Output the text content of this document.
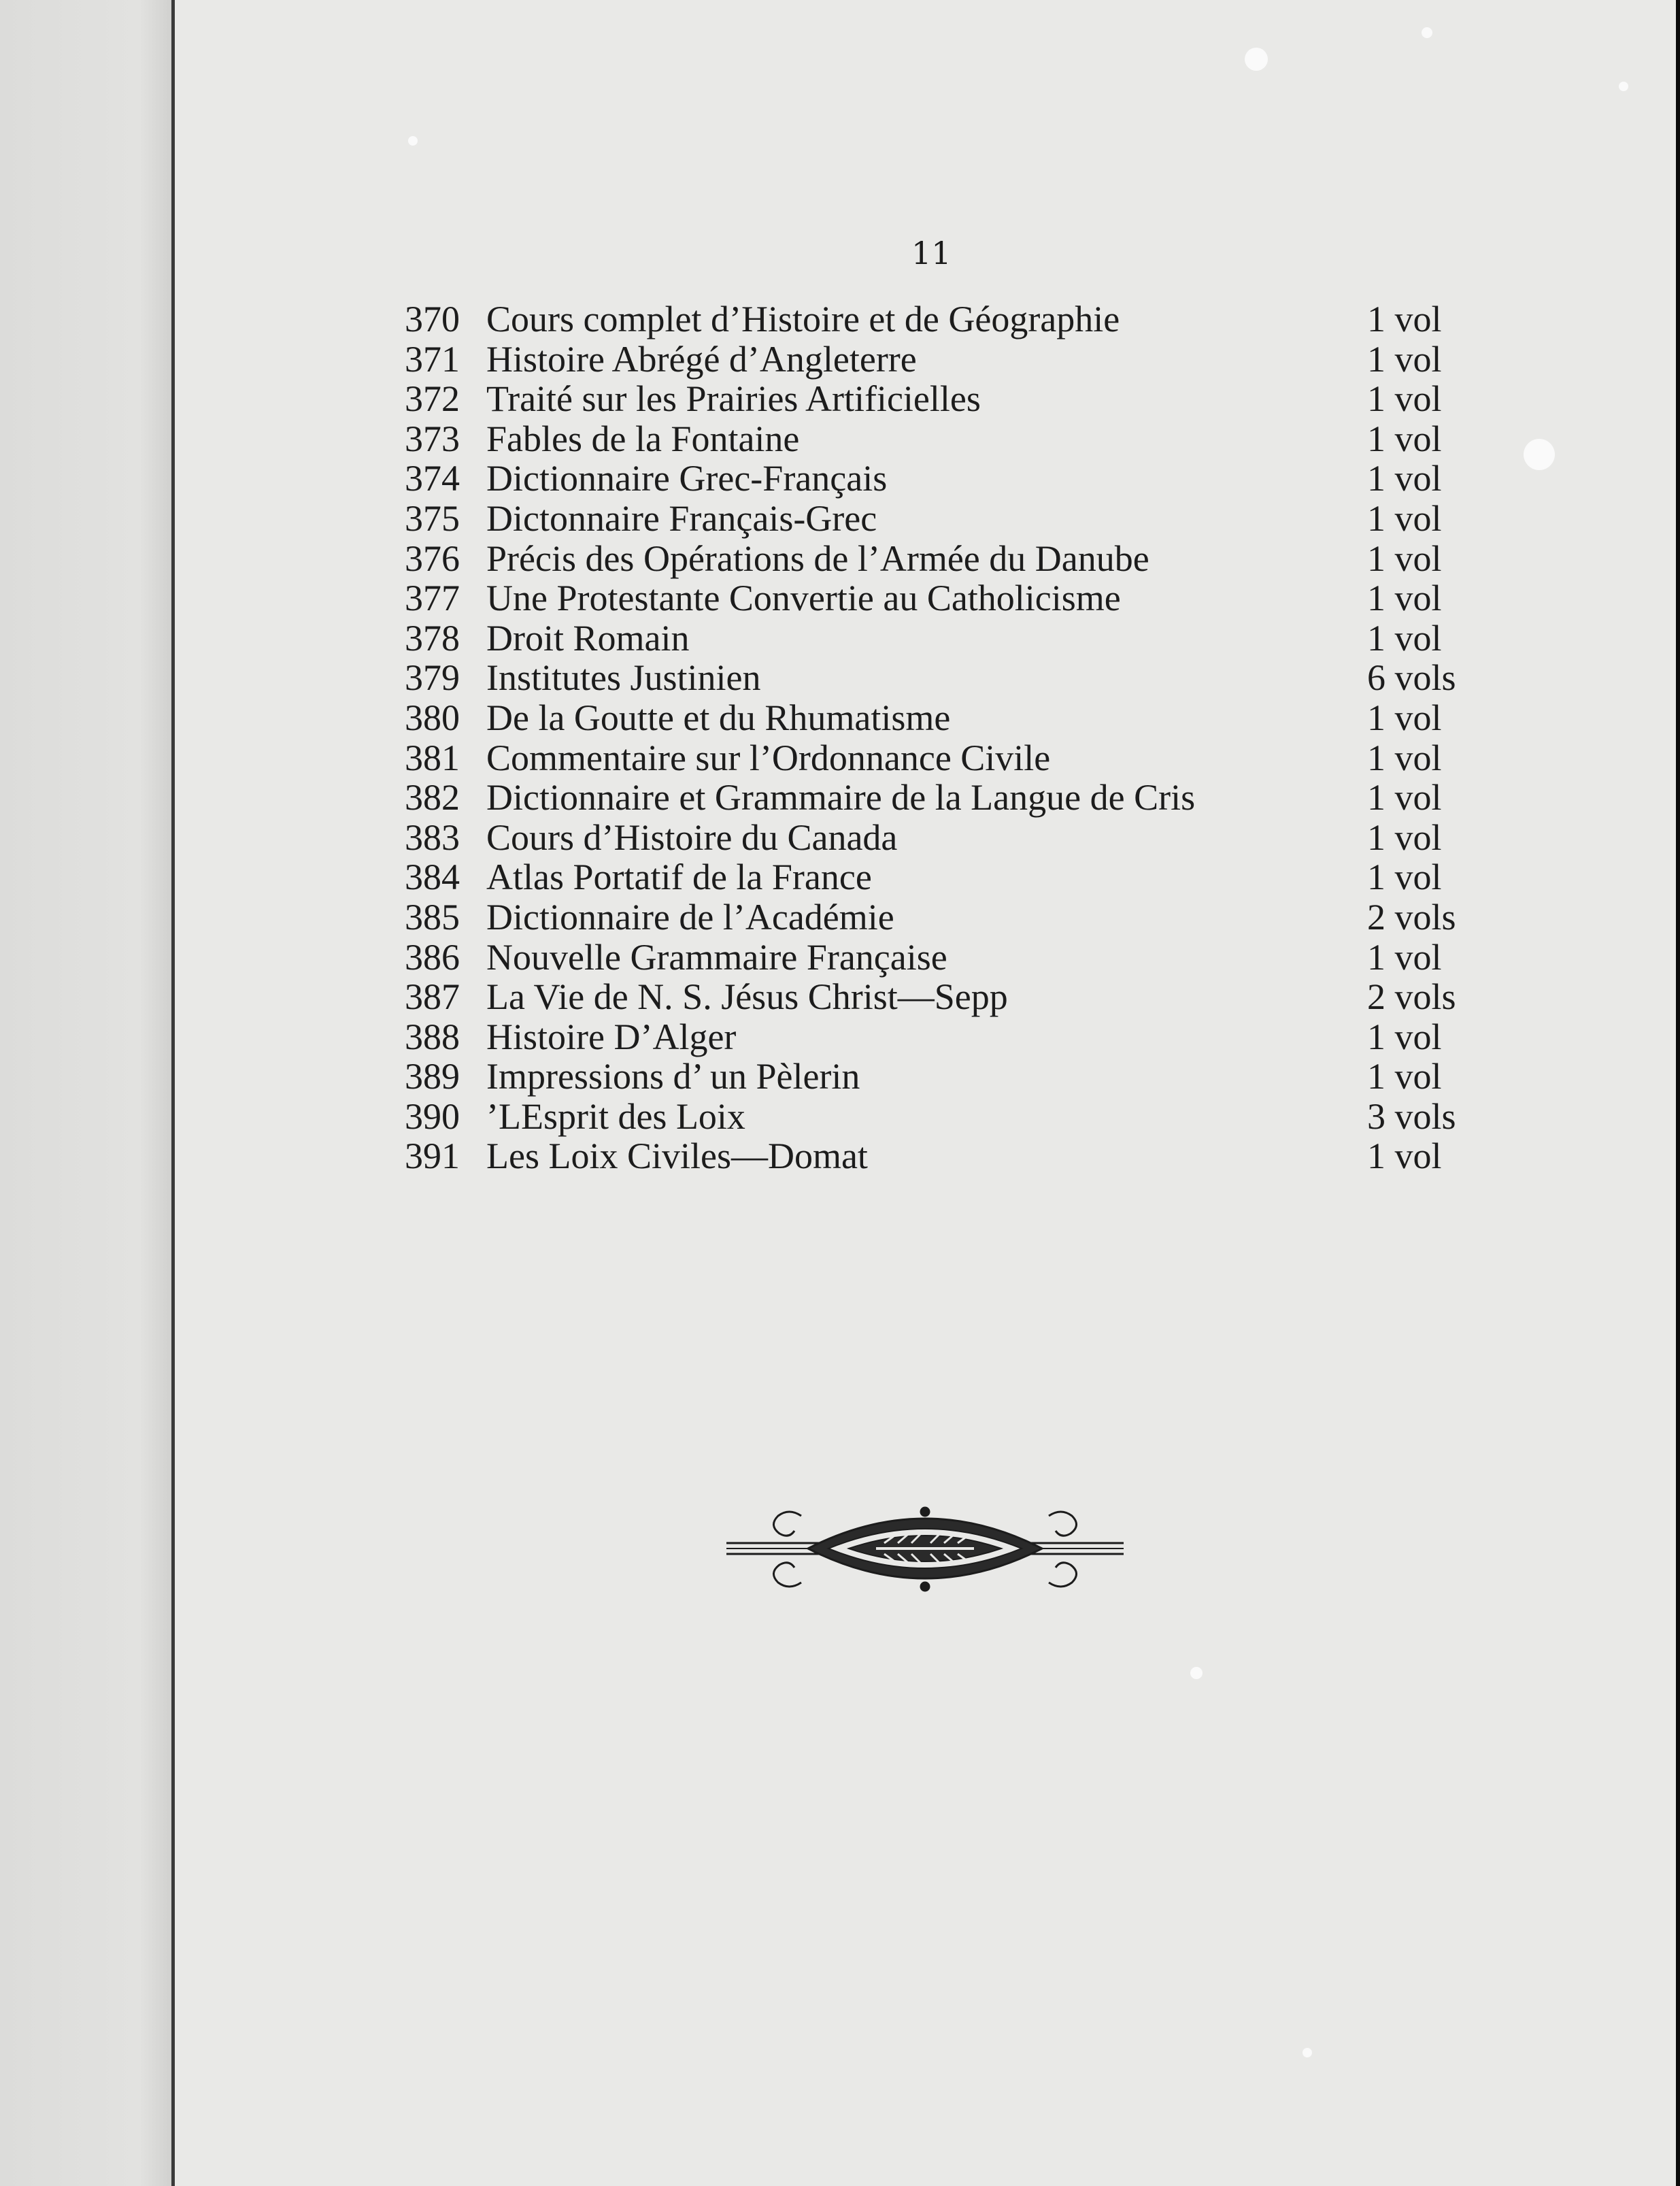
11
370 Cours complet d’Histoire et de Géographie	1 vol
371 Histoire Abrégé d’Angleterre	1 vol
372 Traité sur les Prairies Artificielles	1 vol
373 Fables de la Fontaine	1 vol
374 Dictionnaire Grec-Français	1 vol
375 Dictonnaire Français-Grec	1 vol
376 Précis des Opérations de l’Armée du Danube	1 vol
377 Une Protestante Convertie au Catholicisme	1 vol
378 Droit Romain	1 vol
379 Institutes Justinien	6 vols
380 De la Goutte et du Rhumatisme	1 vol
381 Commentaire sur l’Ordonnance Civile	1 vol
382 Dictionnaire et Grammaire de la Langue de Cris	1 vol
383 Cours d’Histoire du Canada	1 vol
384 Atlas Portatif de la France	1 vol
385 Dictionnaire de l’Académie	2 vols
386 Nouvelle Grammaire Française	1 vol
387 La Vie de N. S. Jésus Christ—Sepp	2 vols
388 Histoire D’Alger	1 vol
389 Impressions d’ un Pèlerin	1 vol
390 ’LEsprit des Loix	3 vols
391 Les Loix Civiles—Domat	1 vol
